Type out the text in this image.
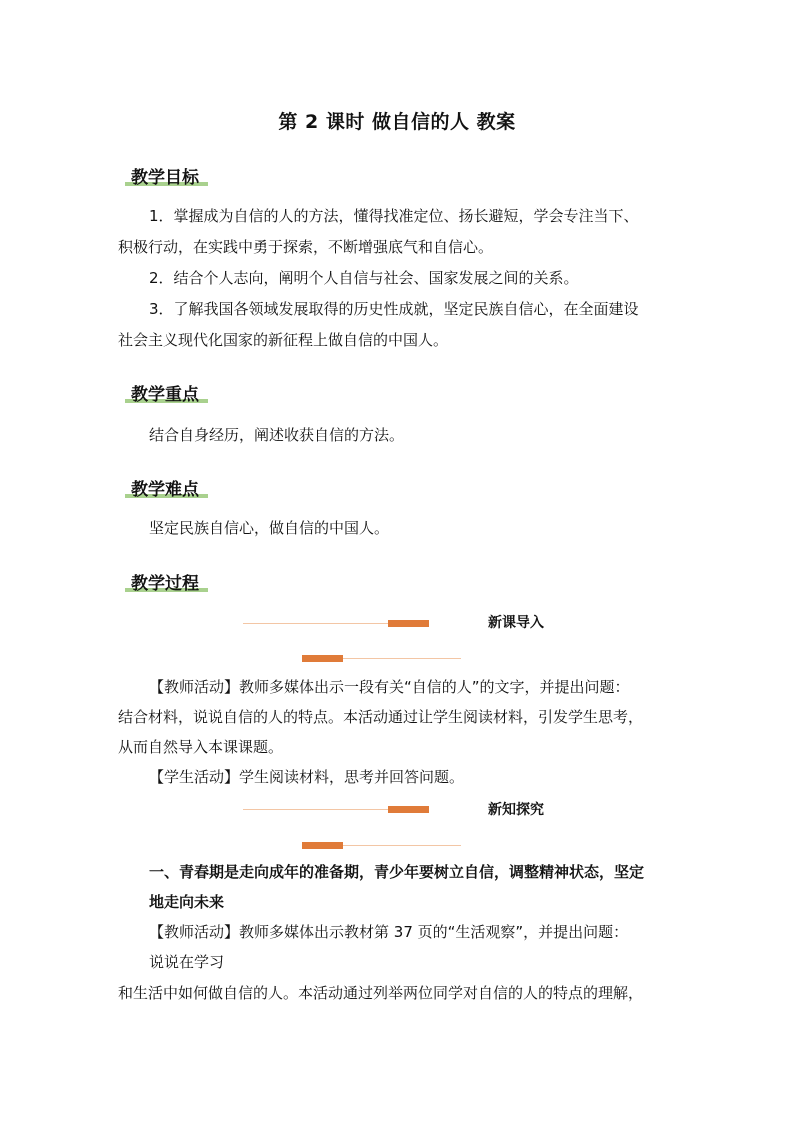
第 2 课时 做自信的人 教案
教学目标
1．掌握成为自信的人的方法，懂得找准定位、扬长避短，学会专注当下、
积极行动，在实践中勇于探索，不断增强底气和自信心。
2．结合个人志向，阐明个人自信与社会、国家发展之间的关系。
3．了解我国各领域发展取得的历史性成就，坚定民族自信心，在全面建设
社会主义现代化国家的新征程上做自信的中国人。
教学重点
结合自身经历，阐述收获自信的方法。
教学难点
坚定民族自信心，做自信的中国人。
教学过程
新课导入
【教师活动】教师多媒体出示一段有关“自信的人”的文字，并提出问题：
结合材料，说说自信的人的特点。本活动通过让学生阅读材料，引发学生思考，
从而自然导入本课课题。
【学生活动】学生阅读材料，思考并回答问题。
新知探究
一、青春期是走向成年的准备期，青少年要树立自信，调整精神状态，坚定
地走向未来
【教师活动】教师多媒体出示教材第 37 页的“生活观察”，并提出问题：
说说在学习
和生活中如何做自信的人。本活动通过列举两位同学对自信的人的特点的理解，
